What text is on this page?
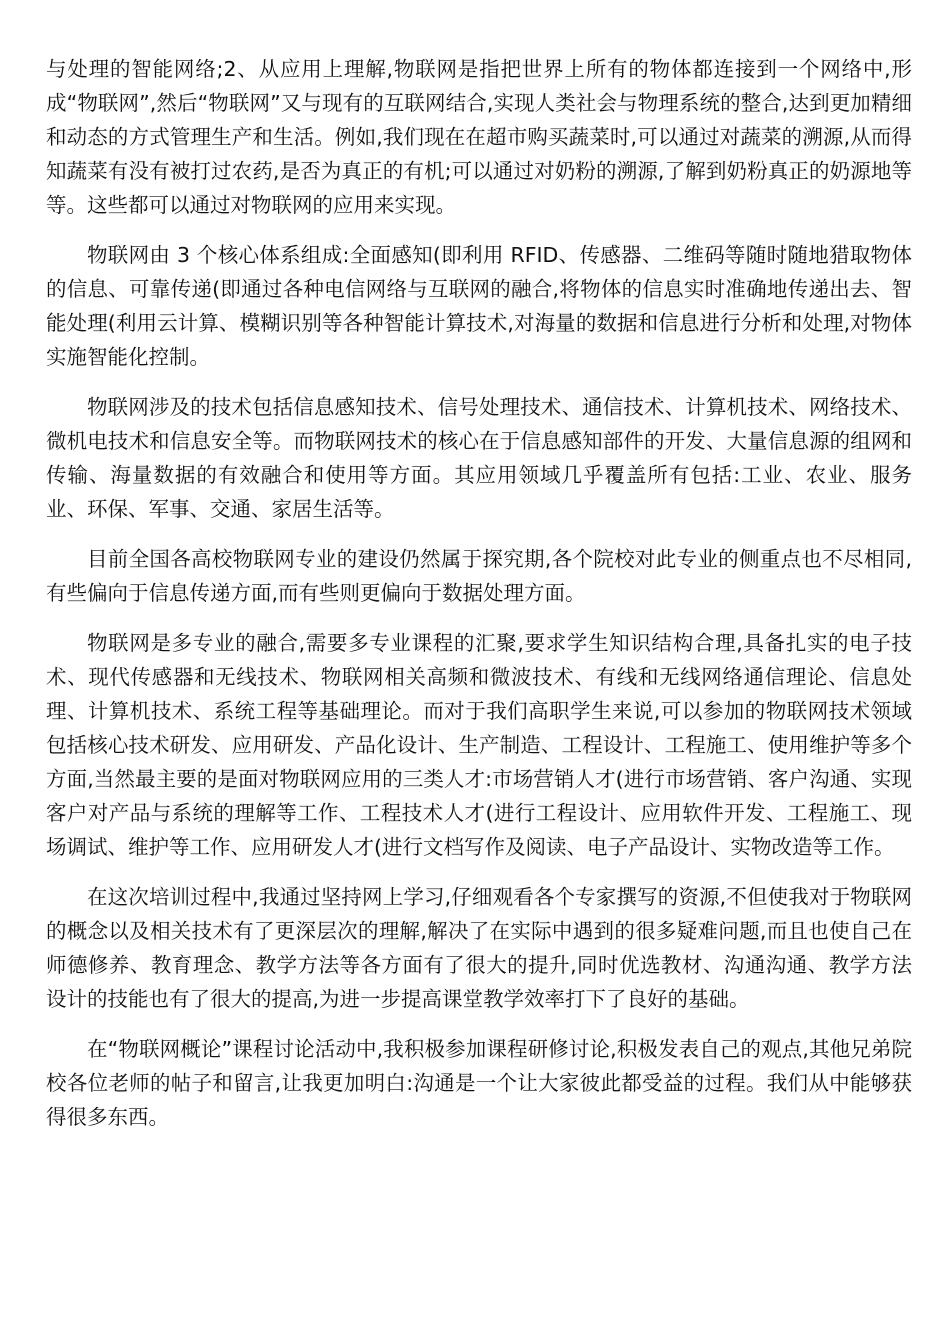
与处理的智能网络;2、从应用上理解,物联网是指把世界上所有的物体都连接到一个网络中,形成“物联网”,然后“物联网”又与现有的互联网结合,实现人类社会与物理系统的整合,达到更加精细和动态的方式管理生产和生活。例如,我们现在在超市购买蔬菜时,可以通过对蔬菜的溯源,从而得知蔬菜有没有被打过农药,是否为真正的有机;可以通过对奶粉的溯源,了解到奶粉真正的奶源地等等。这些都可以通过对物联网的应用来实现。

物联网由 3 个核心体系组成:全面感知(即利用 RFID、传感器、二维码等随时随地猎取物体的信息、可靠传递(即通过各种电信网络与互联网的融合,将物体的信息实时准确地传递出去、智能处理(利用云计算、模糊识别等各种智能计算技术,对海量的数据和信息进行分析和处理,对物体实施智能化控制。

物联网涉及的技术包括信息感知技术、信号处理技术、通信技术、计算机技术、网络技术、微机电技术和信息安全等。而物联网技术的核心在于信息感知部件的开发、大量信息源的组网和传输、海量数据的有效融合和使用等方面。其应用领域几乎覆盖所有包括:工业、农业、服务业、环保、军事、交通、家居生活等。

目前全国各高校物联网专业的建设仍然属于探究期,各个院校对此专业的侧重点也不尽相同,有些偏向于信息传递方面,而有些则更偏向于数据处理方面。

物联网是多专业的融合,需要多专业课程的汇聚,要求学生知识结构合理,具备扎实的电子技术、现代传感器和无线技术、物联网相关高频和微波技术、有线和无线网络通信理论、信息处理、计算机技术、系统工程等基础理论。而对于我们高职学生来说,可以参加的物联网技术领域包括核心技术研发、应用研发、产品化设计、生产制造、工程设计、工程施工、使用维护等多个方面,当然最主要的是面对物联网应用的三类人才:市场营销人才(进行市场营销、客户沟通、实现客户对产品与系统的理解等工作、工程技术人才(进行工程设计、应用软件开发、工程施工、现场调试、维护等工作、应用研发人才(进行文档写作及阅读、电子产品设计、实物改造等工作。

在这次培训过程中,我通过坚持网上学习,仔细观看各个专家撰写的资源,不但使我对于物联网的概念以及相关技术有了更深层次的理解,解决了在实际中遇到的很多疑难问题,而且也使自己在师德修养、教育理念、教学方法等各方面有了很大的提升,同时优选教材、沟通沟通、教学方法设计的技能也有了很大的提高,为进一步提高课堂教学效率打下了良好的基础。

在“物联网概论”课程讨论活动中,我积极参加课程研修讨论,积极发表自己的观点,其他兄弟院校各位老师的帖子和留言,让我更加明白:沟通是一个让大家彼此都受益的过程。我们从中能够获得很多东西。
